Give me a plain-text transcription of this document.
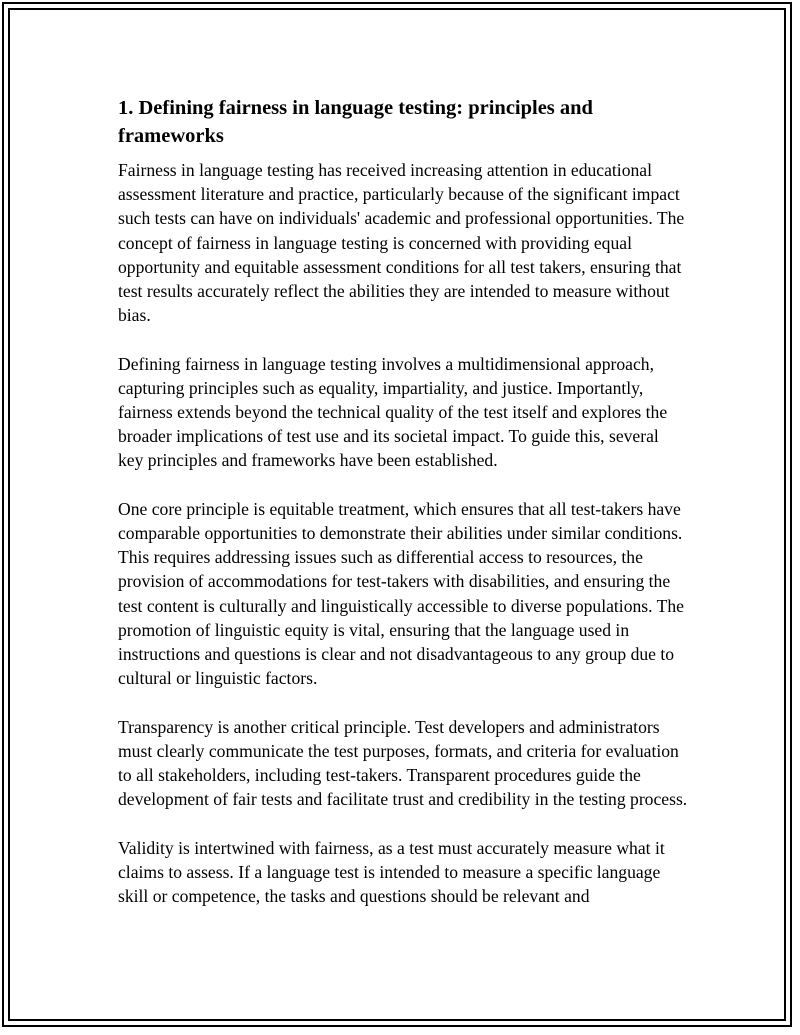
1. Defining fairness in language testing: principles and frameworks

Fairness in language testing has received increasing attention in educational assessment literature and practice, particularly because of the significant impact such tests can have on individuals' academic and professional opportunities. The concept of fairness in language testing is concerned with providing equal opportunity and equitable assessment conditions for all test takers, ensuring that test results accurately reflect the abilities they are intended to measure without bias.

Defining fairness in language testing involves a multidimensional approach, capturing principles such as equality, impartiality, and justice. Importantly, fairness extends beyond the technical quality of the test itself and explores the broader implications of test use and its societal impact. To guide this, several key principles and frameworks have been established.

One core principle is equitable treatment, which ensures that all test-takers have comparable opportunities to demonstrate their abilities under similar conditions. This requires addressing issues such as differential access to resources, the provision of accommodations for test-takers with disabilities, and ensuring the test content is culturally and linguistically accessible to diverse populations. The promotion of linguistic equity is vital, ensuring that the language used in instructions and questions is clear and not disadvantageous to any group due to cultural or linguistic factors.

Transparency is another critical principle. Test developers and administrators must clearly communicate the test purposes, formats, and criteria for evaluation to all stakeholders, including test-takers. Transparent procedures guide the development of fair tests and facilitate trust and credibility in the testing process.

Validity is intertwined with fairness, as a test must accurately measure what it claims to assess. If a language test is intended to measure a specific language skill or competence, the tasks and questions should be relevant and
